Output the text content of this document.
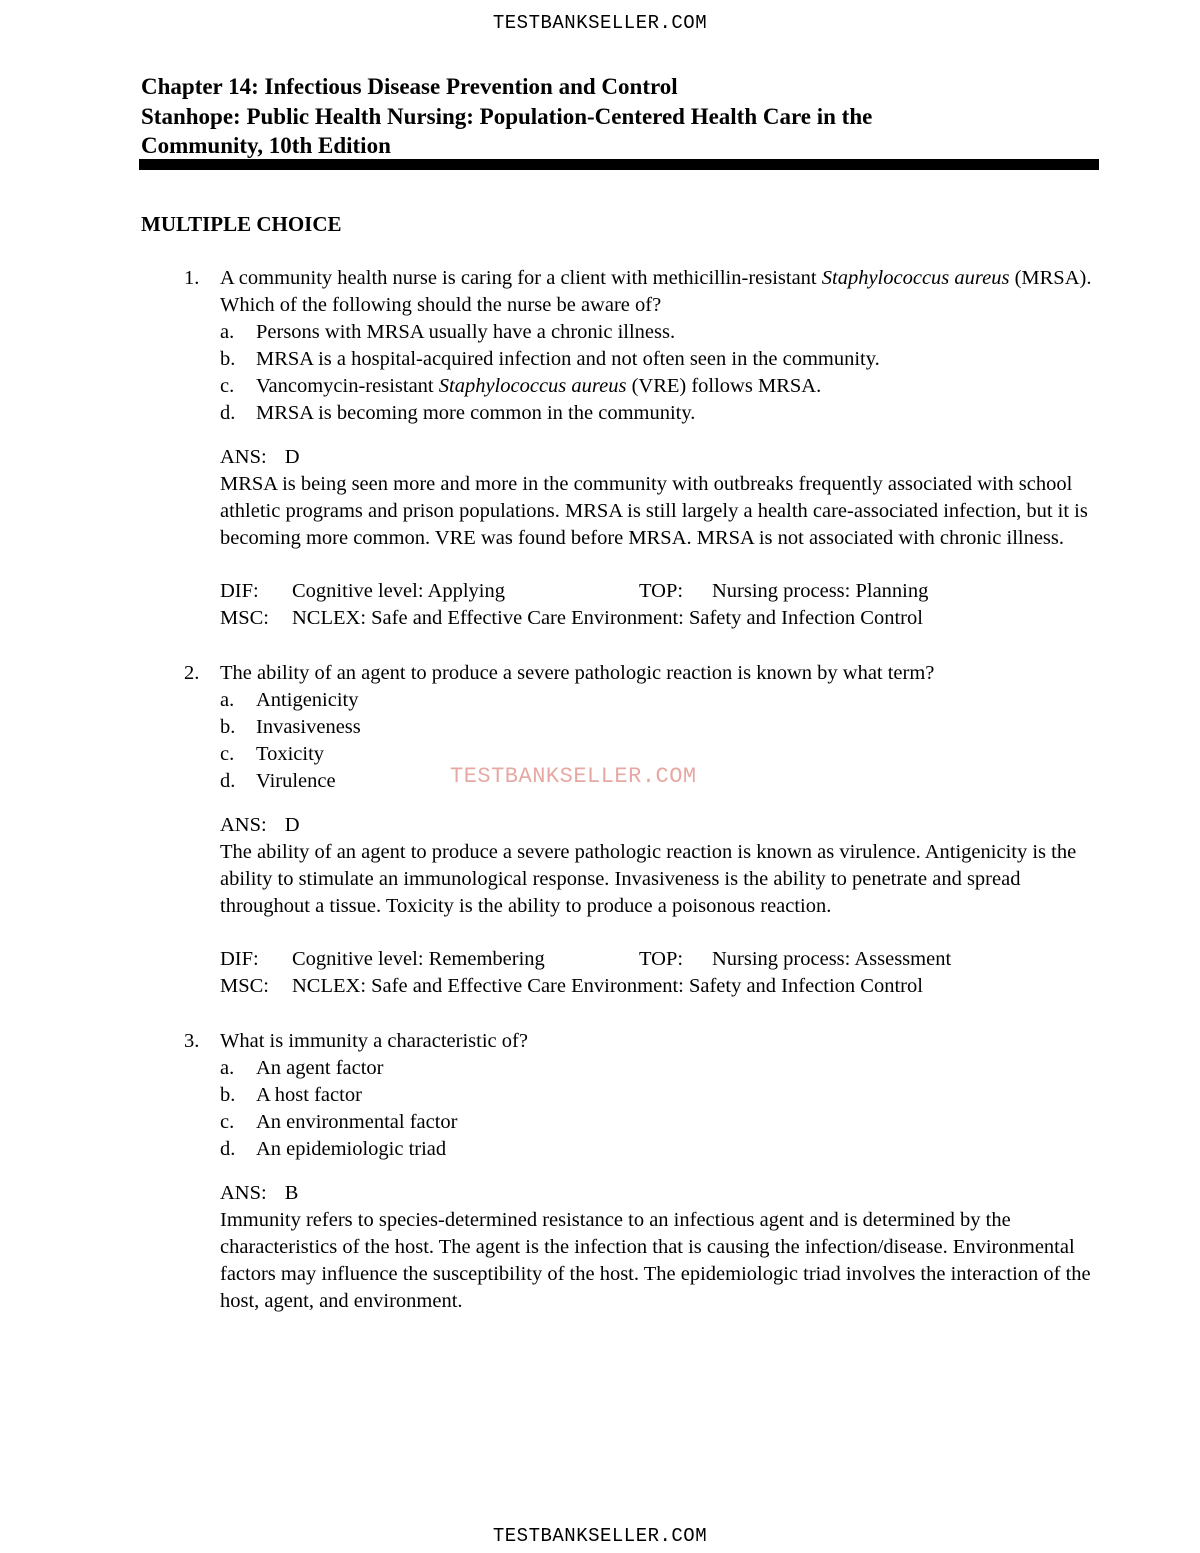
TESTBANKSELLER.COM
Chapter 14: Infectious Disease Prevention and Control
Stanhope: Public Health Nursing: Population-Centered Health Care in the
Community, 10th Edition
MULTIPLE CHOICE
1. A community health nurse is caring for a client with methicillin-resistant Staphylococcus aureus (MRSA). Which of the following should the nurse be aware of?
a. Persons with MRSA usually have a chronic illness.
b. MRSA is a hospital-acquired infection and not often seen in the community.
c. Vancomycin-resistant Staphylococcus aureus (VRE) follows MRSA.
d. MRSA is becoming more common in the community.
ANS: D
MRSA is being seen more and more in the community with outbreaks frequently associated with school athletic programs and prison populations. MRSA is still largely a health care-associated infection, but it is becoming more common. VRE was found before MRSA. MRSA is not associated with chronic illness.
DIF: Cognitive level: Applying	TOP: Nursing process: Planning
MSC: NCLEX: Safe and Effective Care Environment: Safety and Infection Control
2. The ability of an agent to produce a severe pathologic reaction is known by what term?
a. Antigenicity
b. Invasiveness
c. Toxicity
d. Virulence
ANS: D
The ability of an agent to produce a severe pathologic reaction is known as virulence. Antigenicity is the ability to stimulate an immunological response. Invasiveness is the ability to penetrate and spread throughout a tissue. Toxicity is the ability to produce a poisonous reaction.
DIF: Cognitive level: Remembering	TOP: Nursing process: Assessment
MSC: NCLEX: Safe and Effective Care Environment: Safety and Infection Control
3. What is immunity a characteristic of?
a. An agent factor
b. A host factor
c. An environmental factor
d. An epidemiologic triad
ANS: B
Immunity refers to species-determined resistance to an infectious agent and is determined by the characteristics of the host. The agent is the infection that is causing the infection/disease. Environmental factors may influence the susceptibility of the host. The epidemiologic triad involves the interaction of the host, agent, and environment.
TESTBANKSELLER.COM
TESTBANKSELLER.COM
